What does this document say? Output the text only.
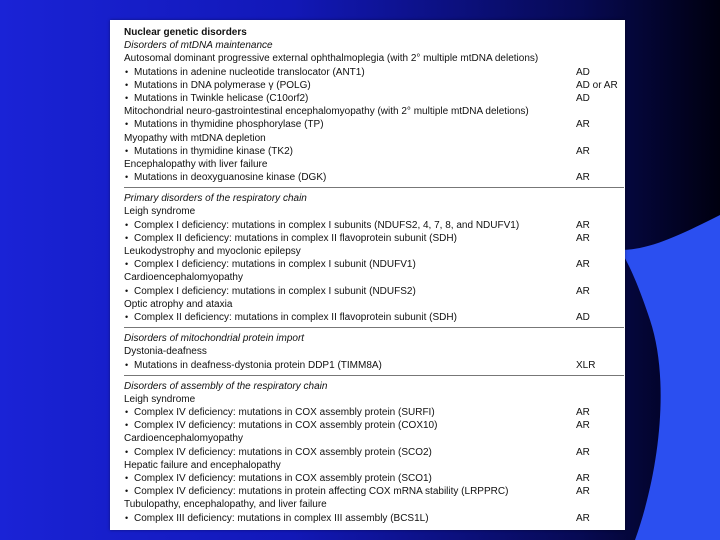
Nuclear genetic disorders
Disorders of mtDNA maintenance
Autosomal dominant progressive external ophthalmoplegia (with 2° multiple mtDNA deletions)
• Mutations in adenine nucleotide translocator (ANT1)	AD
• Mutations in DNA polymerase γ (POLG)	AD or AR
• Mutations in Twinkle helicase (C10orf2)	AD
Mitochondrial neuro-gastrointestinal encephalomyopathy (with 2° multiple mtDNA deletions)
• Mutations in thymidine phosphorylase (TP)	AR
Myopathy with mtDNA depletion
• Mutations in thymidine kinase (TK2)	AR
Encephalopathy with liver failure
• Mutations in deoxyguanosine kinase (DGK)	AR
Primary disorders of the respiratory chain
Leigh syndrome
• Complex I deficiency: mutations in complex I subunits (NDUFS2, 4, 7, 8, and NDUFV1)	AR
• Complex II deficiency: mutations in complex II flavoprotein subunit (SDH)	AR
Leukodystrophy and myoclonic epilepsy
• Complex I deficiency: mutations in complex I subunit (NDUFV1)	AR
Cardioencephalomyopathy
• Complex I deficiency: mutations in complex I subunit (NDUFS2)	AR
Optic atrophy and ataxia
• Complex II deficiency: mutations in complex II flavoprotein subunit (SDH)	AD
Disorders of mitochondrial protein import
Dystonia-deafness
• Mutations in deafness-dystonia protein DDP1 (TIMM8A)	XLR
Disorders of assembly of the respiratory chain
Leigh syndrome
• Complex IV deficiency: mutations in COX assembly protein (SURFI)	AR
• Complex IV deficiency: mutations in COX assembly protein (COX10)	AR
Cardioencephalomyopathy
• Complex IV deficiency: mutations in COX assembly protein (SCO2)	AR
Hepatic failure and encephalopathy
• Complex IV deficiency: mutations in COX assembly protein (SCO1)	AR
• Complex IV deficiency: mutations in protein affecting COX mRNA stability (LRPPRC)	AR
Tubulopathy, encephalopathy, and liver failure
• Complex III deficiency: mutations in complex III assembly (BCS1L)	AR
